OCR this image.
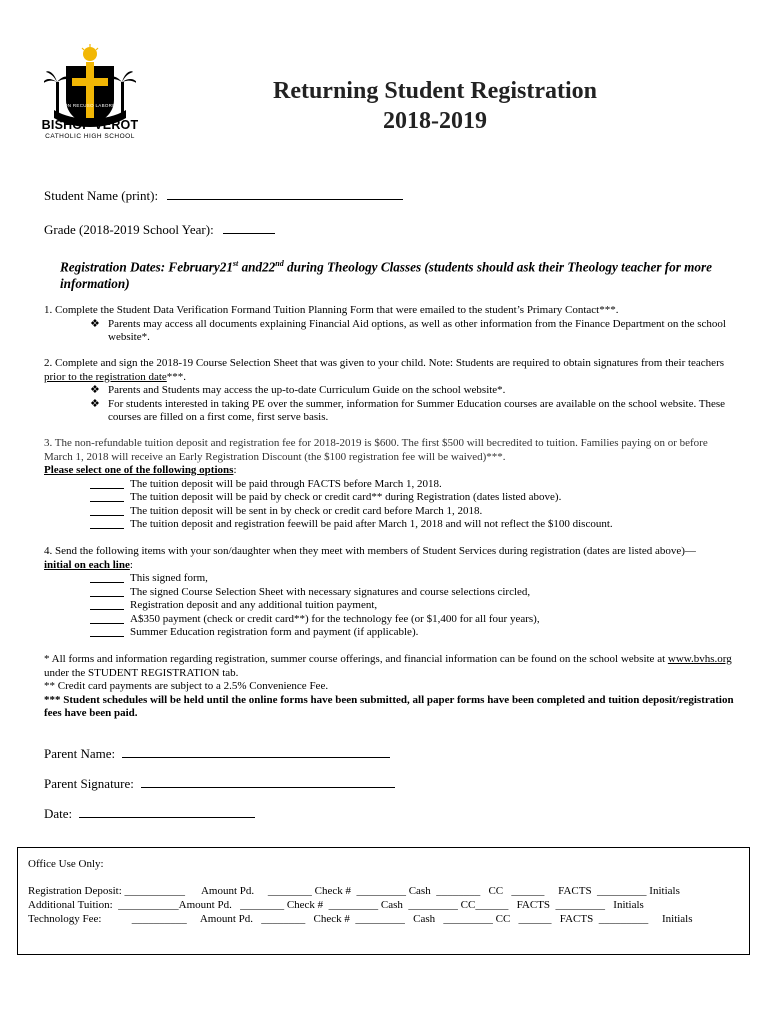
NON RECUSO LABOREM
BISHOP VEROT
CATHOLIC HIGH SCHOOL
Returning Student Registration
2018-2019
Student Name (print):
Grade (2018-2019 School Year):
Registration Dates: February21st and22nd during Theology Classes (students should ask their Theology teacher for more information)
1. Complete the Student Data Verification Formand Tuition Planning Form that were emailed to the student’s Primary Contact***.
❖ Parents may access all documents explaining Financial Aid options, as well as other information from the Finance Department on the school website*.
2. Complete and sign the 2018-19 Course Selection Sheet that was given to your child. Note: Students are required to obtain signatures from their teachers prior to the registration date***.
❖ Parents and Students may access the up-to-date Curriculum Guide on the school website*.
❖ For students interested in taking PE over the summer, information for Summer Education courses are available on the school website. These courses are filled on a first come, first serve basis.
3. The non-refundable tuition deposit and registration fee for 2018-2019 is $600. The first $500 will becredited to tuition. Families paying on or before March 1, 2018 will receive an Early Registration Discount (the $100 registration fee will be waived)***.
Please select one of the following options:
The tuition deposit will be paid through FACTS before March 1, 2018.
The tuition deposit will be paid by check or credit card** during Registration (dates listed above).
The tuition deposit will be sent in by check or credit card before March 1, 2018.
The tuition deposit and registration feewill be paid after March 1, 2018 and will not reflect the $100 discount.
4. Send the following items with your son/daughter when they meet with members of Student Services during registration (dates are listed above)—
initial on each line:
This signed form,
The signed Course Selection Sheet with necessary signatures and course selections circled,
Registration deposit and any additional tuition payment,
A$350 payment (check or credit card**) for the technology fee (or $1,400 for all four years),
Summer Education registration form and payment (if applicable).
* All forms and information regarding registration, summer course offerings, and financial information can be found on the school website at www.bvhs.org under the STUDENT REGISTRATION tab.
** Credit card payments are subject to a 2.5% Convenience Fee.
*** Student schedules will be held until the online forms have been submitted, all paper forms have been completed and tuition deposit/registration fees have been paid.
Parent Name:
Parent Signature:
Date:
Office Use Only:
Registration Deposit: ___________      Amount Pd.     ________ Check #  _________ Cash  ________   CC   ______     FACTS  _________ Initials
Additional Tuition:  ___________Amount Pd.   ________ Check #  _________ Cash  _________ CC______   FACTS  _________   Initials
Technology Fee:           __________     Amount Pd.   ________   Check #  _________   Cash   _________ CC   ______   FACTS  _________     Initials
